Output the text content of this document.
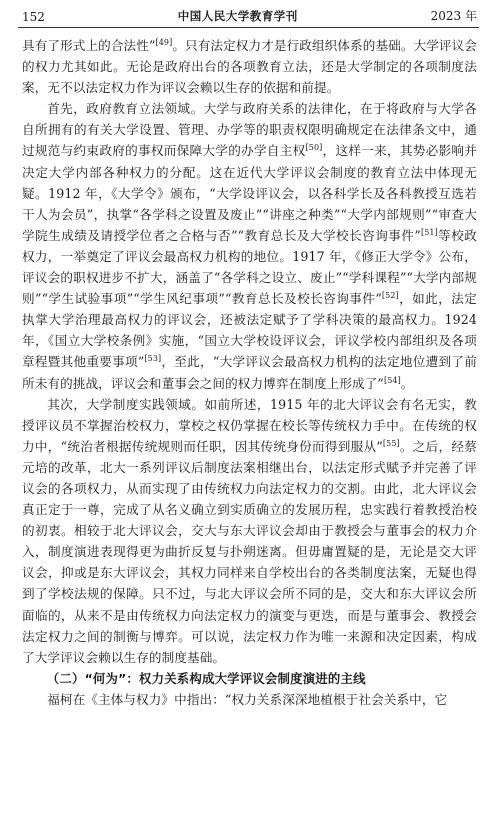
152	中国人民大学教育学刊	2023 年

具有了形式上的合法性”[49]。只有法定权力才是行政组织体系的基础。大学评议会的权力尤其如此。无论是政府出台的各项教育立法，还是大学制定的各项制度法案，无不以法定权力作为评议会赖以生存的依据和前提。

首先，政府教育立法领域。大学与政府关系的法律化，在于将政府与大学各自所拥有的有关大学设置、管理、办学等的职责权限明确规定在法律条文中，通过规范与约束政府的事权而保障大学的办学自主权[50]，这样一来，其势必影响并决定大学内部各种权力的分配。这在近代大学评议会制度的教育立法中体现无疑。1912 年，《大学令》颁布，“大学设评议会，以各科学长及各科教授互选若干人为会员”，执掌“各学科之设置及废止”“讲座之种类”“大学内部规则”“审查大学院生成绩及请授学位者之合格与否”“教育总长及大学校长咨询事件”[51]等校政权力，一举奠定了评议会最高权力机构的地位。1917 年，《修正大学令》公布，评议会的职权进步不扩大，涵盖了“各学科之设立、废止”“学科课程”“大学内部规则”“学生试验事项”“学生风纪事项”“教育总长及校长咨询事件”[52]，如此，法定执掌大学治理最高权力的评议会，还被法定赋予了学科决策的最高权力。1924 年，《国立大学校条例》实施，“国立大学校设评议会，评议学校内部组织及各项章程暨其他重要事项”[53]，至此，“大学评议会最高权力机构的法定地位遭到了前所未有的挑战，评议会和董事会之间的权力博弈在制度上形成了”[54]。

其次，大学制度实践领域。如前所述，1915 年的北大评议会有名无实，教授评议员不掌握治校权力，掌校之权仍掌握在校长等传统权力手中。在传统的权力中，“统治者根据传统规则而任职，因其传统身份而得到服从”[55]。之后，经蔡元培的改革，北大一系列评议后制度法案相继出台，以法定形式赋予并完善了评议会的各项权力，从而实现了由传统权力向法定权力的交割。由此，北大评议会真正定于一尊，完成了从名义确立到实质确立的发展历程，忠实践行着教授治校的初衷。相较于北大评议会，交大与东大评议会却由于教授会与董事会的权力介入，制度演进表现得更为曲折反复与扑朔迷离。但毋庸置疑的是，无论是交大评议会，抑或是东大评议会，其权力同样来自学校出台的各类制度法案，无疑也得到了学校法规的保障。只不过，与北大评议会所不同的是，交大和东大评议会所面临的，从来不是由传统权力向法定权力的演变与更迭，而是与董事会、教授会法定权力之间的制衡与博弈。可以说，法定权力作为唯一来源和决定因素，构成了大学评议会赖以生存的制度基础。

（二）“何为”：权力关系构成大学评议会制度演进的主线

福柯在《主体与权力》中指出：“权力关系深深地植根于社会关系中，它
